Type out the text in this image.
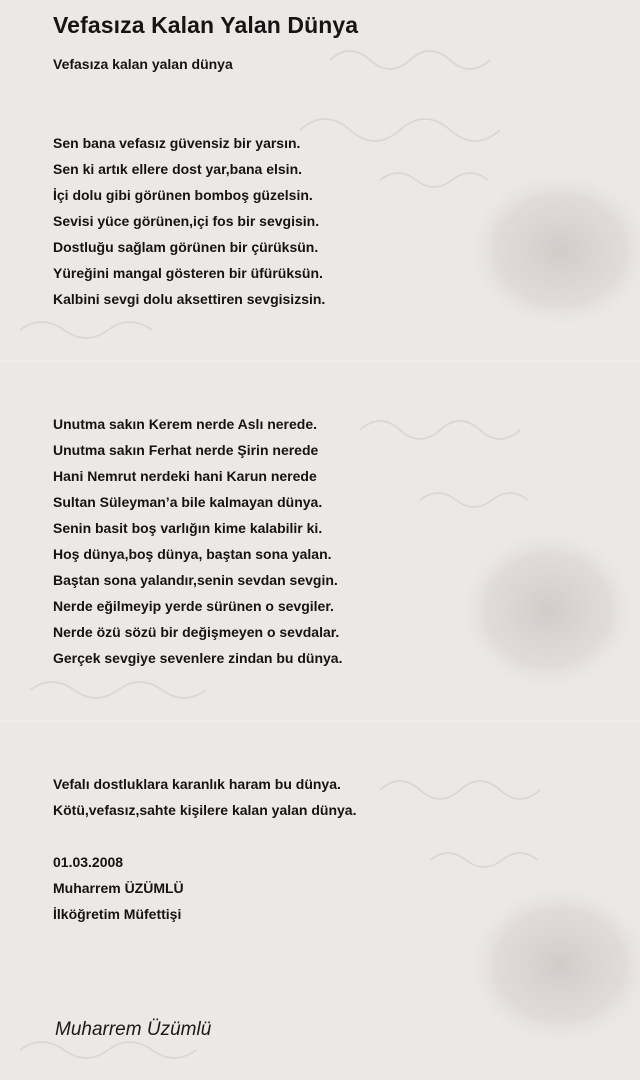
Vefasıza Kalan Yalan Dünya
Vefasıza kalan yalan dünya
Sen bana vefasız güvensiz bir yarsın.
Sen ki artık ellere dost yar,bana elsin.
İçi dolu gibi görünen bomboş güzelsin.
Sevisi yüce görünen,içi fos bir sevgisin.
Dostluğu sağlam görünen bir çürüksün.
Yüreğini mangal gösteren bir üfürüksün.
Kalbini sevgi dolu aksettiren sevgisizsin.
Unutma sakın Kerem nerde Aslı nerede.
Unutma sakın Ferhat nerde Şirin nerede
Hani Nemrut nerdeki hani Karun nerede
Sultan Süleyman’a bile kalmayan dünya.
Senin basit boş varlığın kime kalabilir ki.
Hoş dünya,boş dünya, baştan sona yalan.
Baştan sona yalandır,senin sevdan sevgin.
Nerde eğilmeyip yerde sürünen o sevgiler.
Nerde özü sözü bir değişmeyen o sevdalar.
Gerçek sevgiye sevenlere zindan bu dünya.
Vefalı dostluklara karanlık haram bu dünya.
Kötü,vefasız,sahte kişilere kalan yalan dünya.
01.03.2008
Muharrem ÜZÜMLÜ
İlköğretim Müfettişi

Muharrem Üzümlü
